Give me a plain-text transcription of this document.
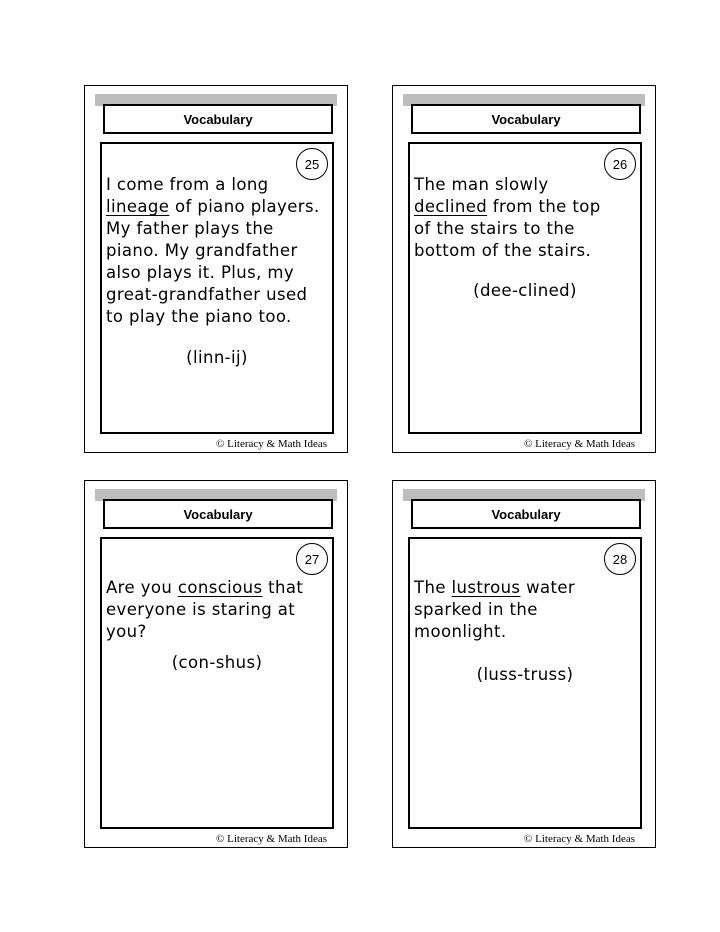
Vocabulary
25
I come from a long lineage of piano players. My father plays the piano. My grandfather also plays it. Plus, my great-grandfather used to play the piano too.
(linn-ij)
© Literacy & Math Ideas
Vocabulary
26
The man slowly declined from the top of the stairs to the bottom of the stairs.
(dee-clined)
© Literacy & Math Ideas
Vocabulary
27
Are you conscious that everyone is staring at you?
(con-shus)
© Literacy & Math Ideas
Vocabulary
28
The lustrous water sparked in the moonlight.
(luss-truss)
© Literacy & Math Ideas
